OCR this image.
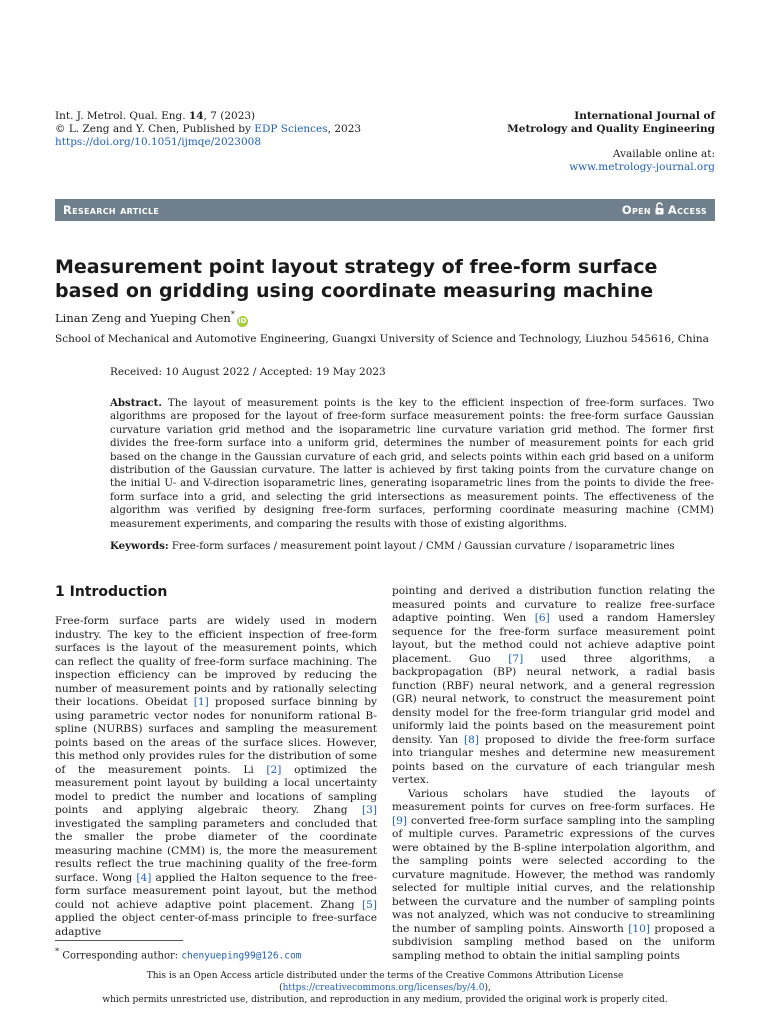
Int. J. Metrol. Qual. Eng. 14, 7 (2023)
© L. Zeng and Y. Chen, Published by EDP Sciences, 2023
https://doi.org/10.1051/ijmqe/2023008
International Journal of
Metrology and Quality Engineering
Available online at:
www.metrology-journal.org
Research article	Open Access
Measurement point layout strategy of free-form surface based on gridding using coordinate measuring machine
Linan Zeng and Yueping Chen*iD
School of Mechanical and Automotive Engineering, Guangxi University of Science and Technology, Liuzhou 545616, China
Received: 10 August 2022 / Accepted: 19 May 2023
Abstract. The layout of measurement points is the key to the efficient inspection of free-form surfaces. Two algorithms are proposed for the layout of free-form surface measurement points: the free-form surface Gaussian curvature variation grid method and the isoparametric line curvature variation grid method. The former first divides the free-form surface into a uniform grid, determines the number of measurement points for each grid based on the change in the Gaussian curvature of each grid, and selects points within each grid based on a uniform distribution of the Gaussian curvature. The latter is achieved by first taking points from the curvature change on the initial U- and V-direction isoparametric lines, generating isoparametric lines from the points to divide the free-form surface into a grid, and selecting the grid intersections as measurement points. The effectiveness of the algorithm was verified by designing free-form surfaces, performing coordinate measuring machine (CMM) measurement experiments, and comparing the results with those of existing algorithms.
Keywords: Free-form surfaces / measurement point layout / CMM / Gaussian curvature / isoparametric lines
1 Introduction

Free-form surface parts are widely used in modern industry. The key to the efficient inspection of free-form surfaces is the layout of the measurement points, which can reflect the quality of free-form surface machining. The inspection efficiency can be improved by reducing the number of measurement points and by rationally selecting their locations. Obeidat [1] proposed surface binning by using parametric vector nodes for nonuniform rational B-spline (NURBS) surfaces and sampling the measurement points based on the areas of the surface slices. However, this method only provides rules for the distribution of some of the measurement points. Li [2] optimized the measurement point layout by building a local uncertainty model to predict the number and locations of sampling points and applying algebraic theory. Zhang [3] investigated the sampling parameters and concluded that the smaller the probe diameter of the coordinate measuring machine (CMM) is, the more the measurement results reflect the true machining quality of the free-form surface. Wong [4] applied the Halton sequence to the free-form surface measurement point layout, but the method could not achieve adaptive point placement. Zhang [5] applied the object center-of-mass principle to free-surface adaptive

pointing and derived a distribution function relating the measured points and curvature to realize free-surface adaptive pointing. Wen [6] used a random Hamersley sequence for the free-form surface measurement point layout, but the method could not achieve adaptive point placement. Guo [7] used three algorithms, a backpropagation (BP) neural network, a radial basis function (RBF) neural network, and a general regression (GR) neural network, to construct the measurement point density model for the free-form triangular grid model and uniformly laid the points based on the measurement point density. Yan [8] proposed to divide the free-form surface into triangular meshes and determine new measurement points based on the curvature of each triangular mesh vertex.

Various scholars have studied the layouts of measurement points for curves on free-form surfaces. He [9] converted free-form surface sampling into the sampling of multiple curves. Parametric expressions of the curves were obtained by the B-spline interpolation algorithm, and the sampling points were selected according to the curvature magnitude. However, the method was randomly selected for multiple initial curves, and the relationship between the curvature and the number of sampling points was not analyzed, which was not conducive to streamlining the number of sampling points. Ainsworth [10] proposed a subdivision sampling method based on the uniform sampling method to obtain the initial sampling points

* Corresponding author: chenyueping99@126.com
This is an Open Access article distributed under the terms of the Creative Commons Attribution License (https://creativecommons.org/licenses/by/4.0),
which permits unrestricted use, distribution, and reproduction in any medium, provided the original work is properly cited.
